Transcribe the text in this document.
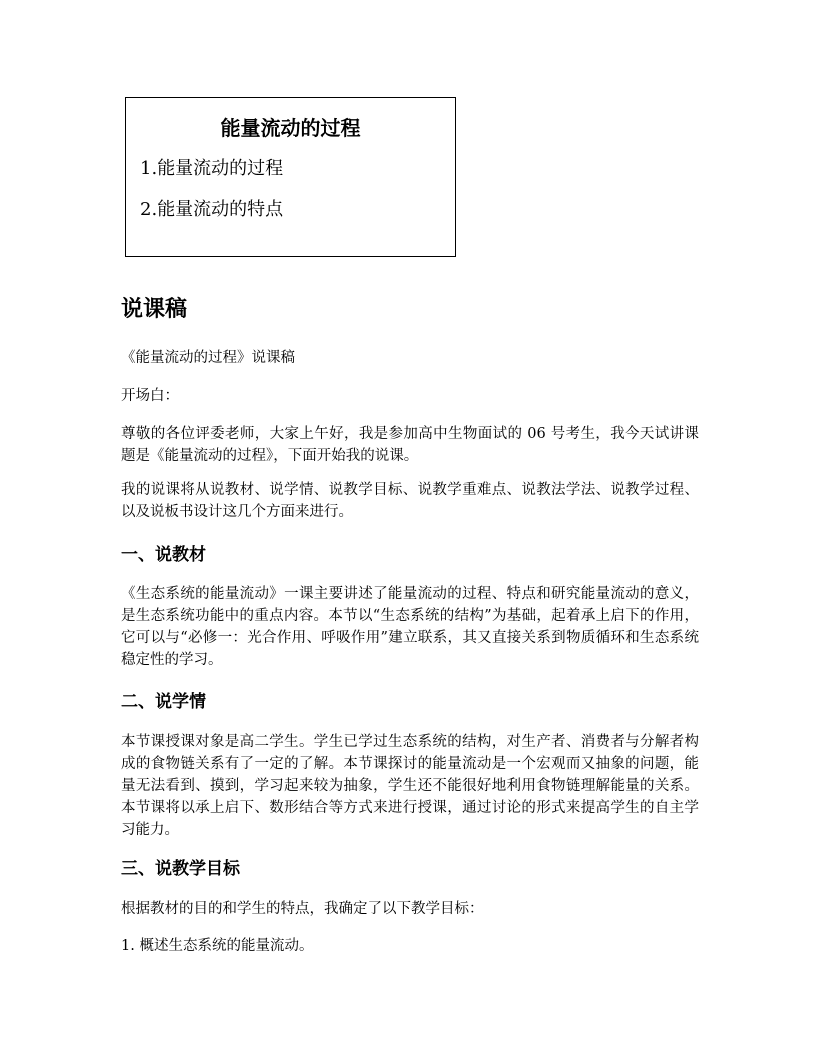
能量流动的过程
1.能量流动的过程
2.能量流动的特点
说课稿

《能量流动的过程》说课稿

开场白：

尊敬的各位评委老师，大家上午好，我是参加高中生物面试的 06 号考生，我今天试讲课题是《能量流动的过程》，下面开始我的说课。

我的说课将从说教材、说学情、说教学目标、说教学重难点、说教法学法、说教学过程、以及说板书设计这几个方面来进行。

一、说教材

《生态系统的能量流动》一课主要讲述了能量流动的过程、特点和研究能量流动的意义，是生态系统功能中的重点内容。本节以“生态系统的结构”为基础，起着承上启下的作用，它可以与“必修一：光合作用、呼吸作用”建立联系，其又直接关系到物质循环和生态系统稳定性的学习。

二、说学情

本节课授课对象是高二学生。学生已学过生态系统的结构，对生产者、消费者与分解者构成的食物链关系有了一定的了解。本节课探讨的能量流动是一个宏观而又抽象的问题，能量无法看到、摸到，学习起来较为抽象，学生还不能很好地利用食物链理解能量的关系。本节课将以承上启下、数形结合等方式来进行授课，通过讨论的形式来提高学生的自主学习能力。

三、说教学目标

根据教材的目的和学生的特点，我确定了以下教学目标：

1. 概述生态系统的能量流动。
